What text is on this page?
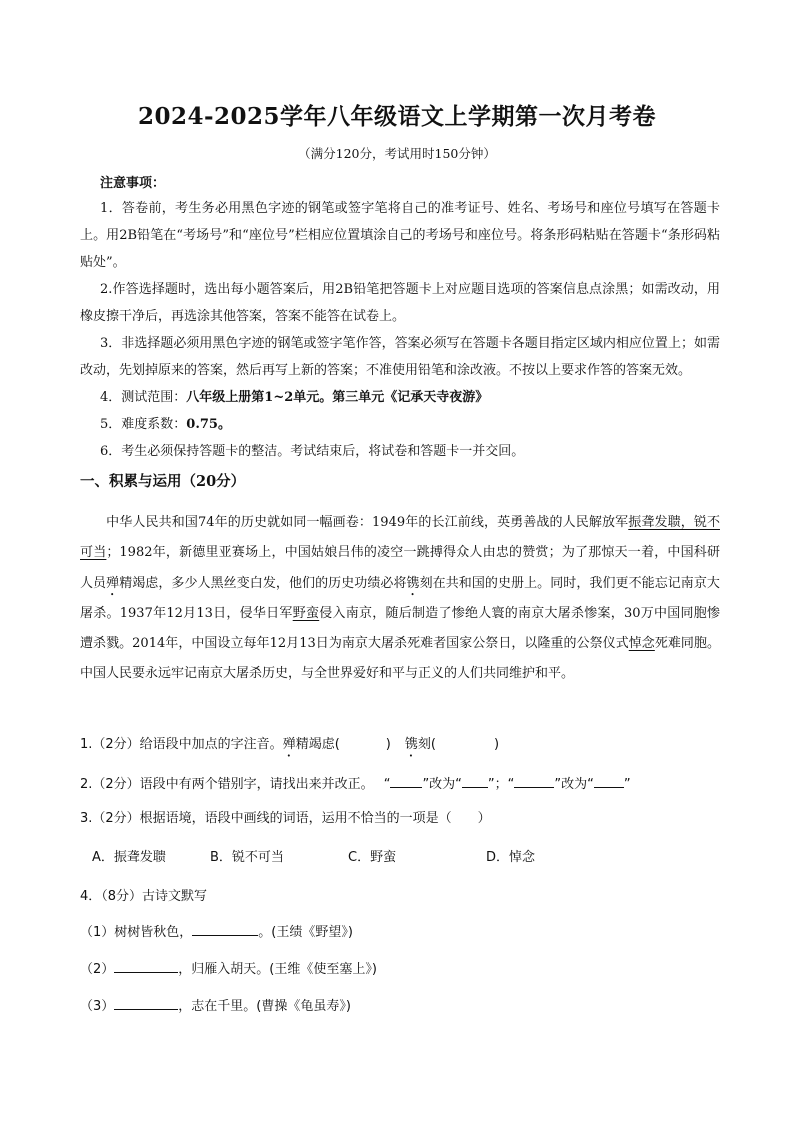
2024-2025学年八年级语文上学期第一次月考卷
（满分120分，考试用时150分钟）
注意事项：

1．答卷前，考生务必用黑色字迹的钢笔或签字笔将自己的准考证号、姓名、考场号和座位号填写在答题卡上。用2B铅笔在“考场号”和“座位号”栏相应位置填涂自己的考场号和座位号。将条形码粘贴在答题卡“条形码粘贴处”。

2.作答选择题时，选出每小题答案后，用2B铅笔把答题卡上对应题目选项的答案信息点涂黑；如需改动，用橡皮擦干净后，再选涂其他答案，答案不能答在试卷上。

3．非选择题必须用黑色字迹的钢笔或签字笔作答，答案必须写在答题卡各题目指定区域内相应位置上；如需改动，先划掉原来的答案，然后再写上新的答案；不准使用铅笔和涂改液。不按以上要求作答的答案无效。

4．测试范围：八年级上册第1~2单元。第三单元《记承天寺夜游》

5．难度系数：0.75。

6．考生必须保持答题卡的整洁。考试结束后，将试卷和答题卡一并交回。

一、积累与运用（20分）

中华人民共和国74年的历史就如同一幅画卷：1949年的长江前线，英勇善战的人民解放军振聋发聩，锐不可当；1982年，新德里亚赛场上，中国姑娘吕伟的凌空一跳搏得众人由忠的赞赏；为了那惊天一着，中国科研人员殚精竭虑，多少人黑丝变白发，他们的历史功绩必将镌刻在共和国的史册上。同时，我们更不能忘记南京大屠杀。1937年12月13日，侵华日军野蛮侵入南京，随后制造了惨绝人寰的南京大屠杀惨案，30万中国同胞惨遭杀戮。2014年，中国设立每年12月13日为南京大屠杀死难者国家公祭日，以隆重的公祭仪式悼念死难同胞。中国人民要永远牢记南京大屠杀历史，与全世界爱好和平与正义的人们共同维护和平。

1.（2分）给语段中加点的字注音。殚精竭虑(	) 镌刻(	)
2.（2分）语段中有两个错别字，请找出来并改正。 “ ”改为“ ”；“	”改为“ ”
3.（2分）根据语境，语段中画线的词语，运用不恰当的一项是（　　）
A．振聋发聩	B．锐不可当	C．野蛮	D．悼念
4．（8分）古诗文默写
（1）树树皆秋色，	。(王绩《野望》)
（2）	，归雁入胡天。(王维《使至塞上》)
（3）	，志在千里。(曹操《龟虽寿》)
